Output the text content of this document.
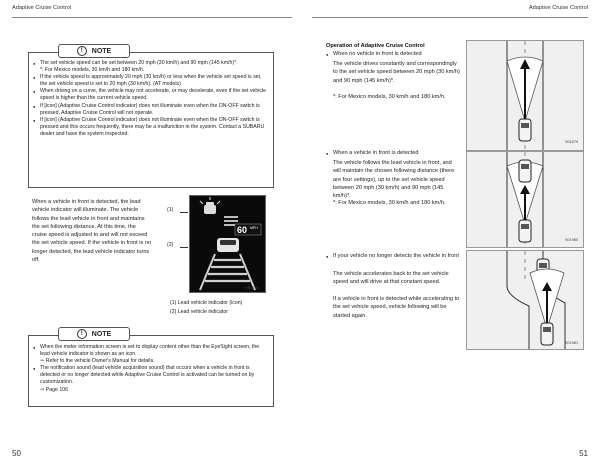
Adaptive Cruise Control	Adaptive Cruise Control
● The set vehicle speed can be set between 20 mph (30 km/h) and 90 mph (145 km/h)*.
*: For Mexico models, 30 km/h and 180 km/h.
● If the vehicle speed is approximately 20 mph (30 km/h) or less when the vehicle set speed is set, the set vehicle speed is set to 20 mph (30 km/h). (AT models)
● When driving on a curve, the vehicle may not accelerate, or may decelerate, even if the set vehicle speed is higher than the current vehicle speed.
● If [icon] (Adaptive Cruise Control indicator) does not illuminate even when the ON-OFF switch is pressed, Adaptive Cruise Control will not operate.
● If [icon] (Adaptive Cruise Control indicator) does not illuminate even when the ON-OFF switch is pressed and this occurs frequently, there may be a malfunction in the system. Contact a SUBARU dealer and have the system inspected.
!	NOTE
When a vehicle in front is detected, the lead vehicle indicator will illuminate. The vehicle follows the lead vehicle in front and maintains the set following distance. At this time, the cruise speed is adjusted to and will not exceed the set vehicle speed. If the vehicle in front is no longer detected, the lead vehicle indicator turns off.
(1)
(2)
60 MPH
HB1794
(1) Lead vehicle indicator (icon)
(2) Lead vehicle indicator
● When the meter information screen is set to display content other than the EyeSight screen, the lead vehicle indicator is shown as an icon.
⇒ Refer to the vehicle Owner's Manual for details.
● The notification sound (lead vehicle acquisition sound) that occurs when a vehicle in front is detected or no longer detected while Adaptive Cruise Control is activated can be turned on by customization.
⇒ Page 106
!	NOTE
Operation of Adaptive Cruise Control
● When no vehicle in front is detected
The vehicle drives constantly and correspondingly to the set vehicle speed between 20 mph (30 km/h) and 90 mph (145 km/h)*.
*: For Mexico models, 30 km/h and 180 km/h.
S01979
● When a vehicle in front is detected
The vehicle follows the lead vehicle in front, and will maintain the chosen following distance (there are four settings), up to the set vehicle speed between 20 mph (30 km/h) and 90 mph (145 km/h)*.
*: For Mexico models, 30 km/h and 180 km/h.
S01980
● If your vehicle no longer detects the vehicle in front
The vehicle accelerates back to the set vehicle speed and will drive at that constant speed.
If a vehicle in front is detected while accelerating to the set vehicle speed, vehicle following will be started again.
S01981
50	51
